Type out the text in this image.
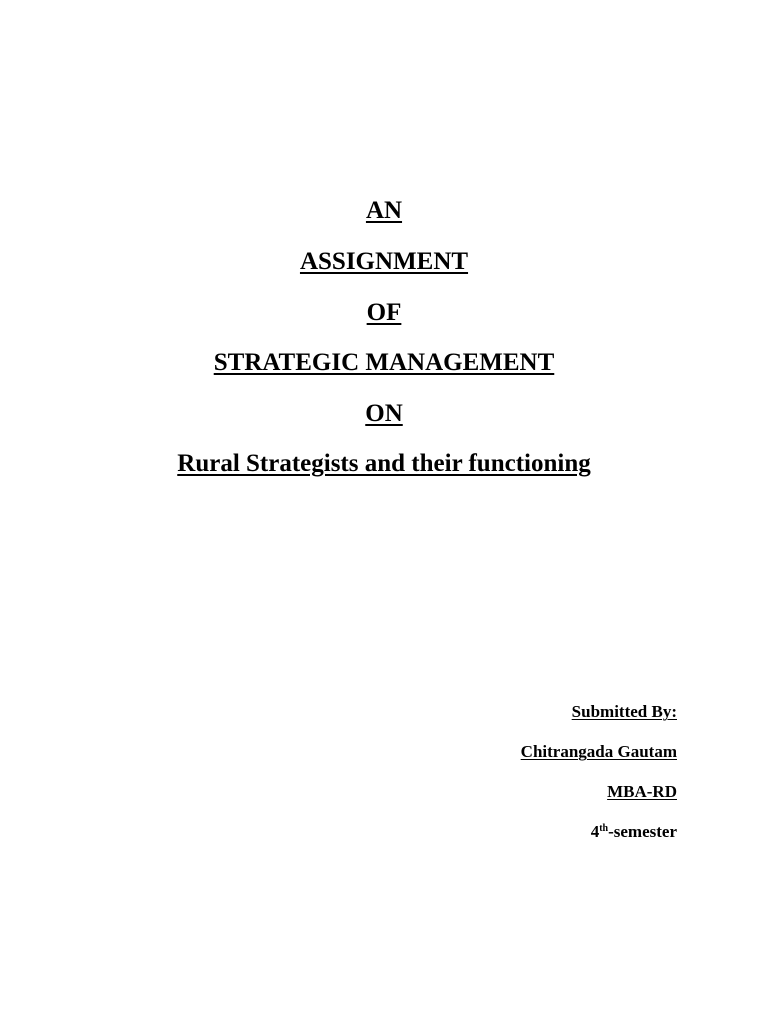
AN
ASSIGNMENT
OF
STRATEGIC MANAGEMENT
ON
Rural Strategists and their functioning
Submitted By:
Chitrangada Gautam
MBA-RD
4th-semester
